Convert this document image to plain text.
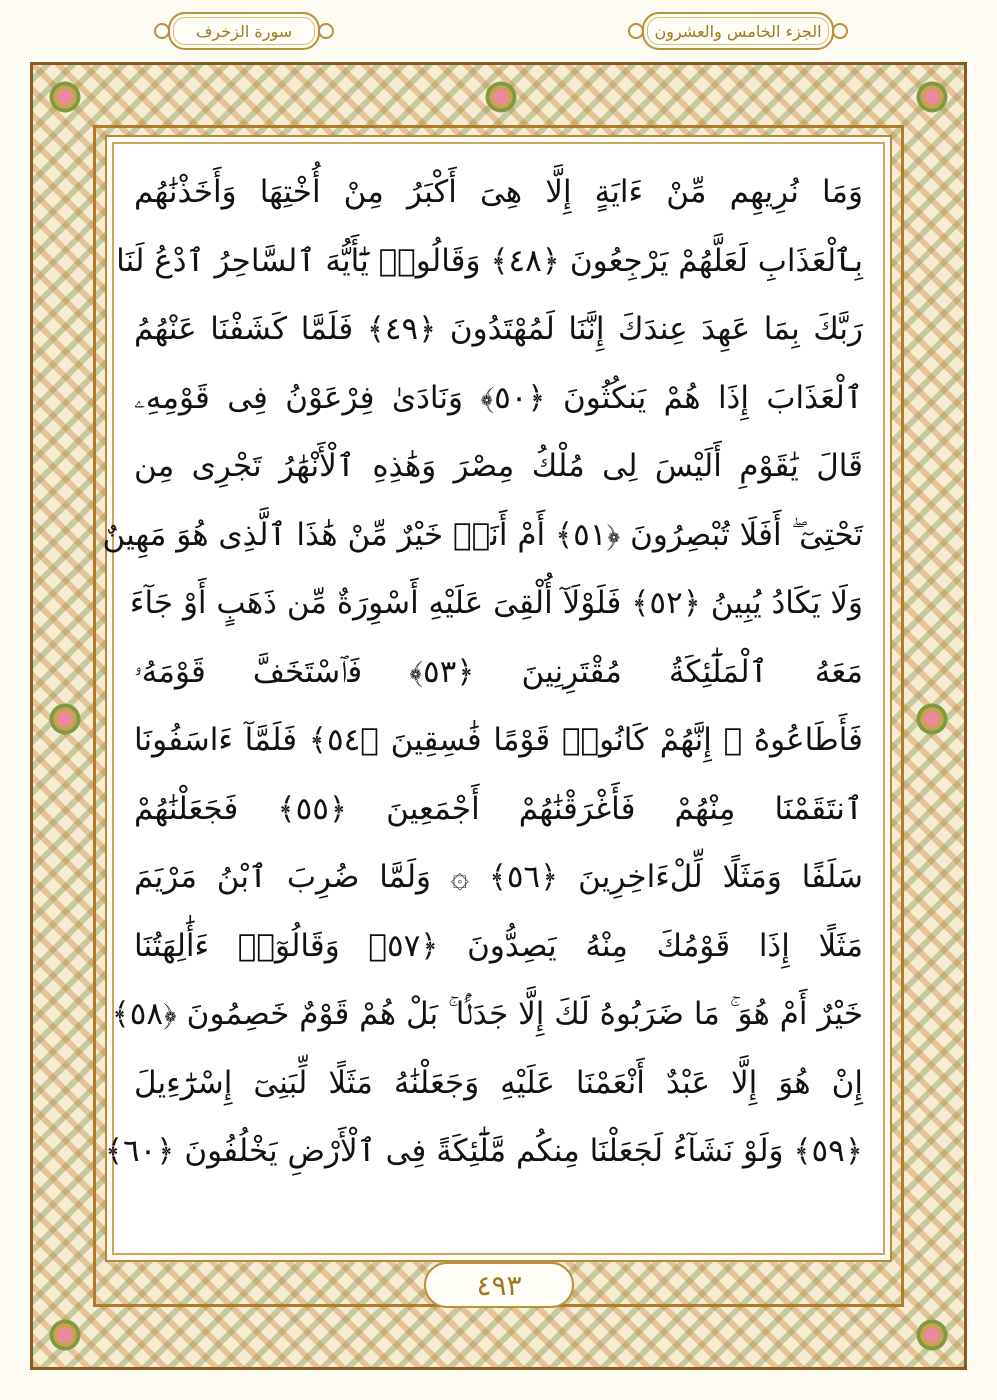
سورة الزخرف	الجزء الخامس والعشرون
وَمَا نُرِيهِم مِّنْ ءَايَةٍ إِلَّا هِىَ أَكْبَرُ مِنْ أُخْتِهَا وَأَخَذْنَٰهُم
بِٱلْعَذَابِ لَعَلَّهُمْ يَرْجِعُونَ ﴿٤٨﴾ وَقَالُوا۟ يَٰٓأَيُّهَ ٱلسَّاحِرُ ٱدْعُ لَنَا
رَبَّكَ بِمَا عَهِدَ عِندَكَ إِنَّنَا لَمُهْتَدُونَ ﴿٤٩﴾ فَلَمَّا كَشَفْنَا عَنْهُمُ
ٱلْعَذَابَ إِذَا هُمْ يَنكُثُونَ ﴿٥٠﴾ وَنَادَىٰ فِرْعَوْنُ فِى قَوْمِهِۦ
قَالَ يَٰقَوْمِ أَلَيْسَ لِى مُلْكُ مِصْرَ وَهَٰذِهِ ٱلْأَنْهَٰرُ تَجْرِى مِن
تَحْتِىٓ ۖ أَفَلَا تُبْصِرُونَ ﴿٥١﴾ أَمْ أَنَا۠ خَيْرٌ مِّنْ هَٰذَا ٱلَّذِى هُوَ مَهِينٌ
وَلَا يَكَادُ يُبِينُ ﴿٥٢﴾ فَلَوْلَآ أُلْقِىَ عَلَيْهِ أَسْوِرَةٌ مِّن ذَهَبٍ أَوْ جَآءَ
مَعَهُ ٱلْمَلَٰٓئِكَةُ مُقْتَرِنِينَ ﴿٥٣﴾ فَٱسْتَخَفَّ قَوْمَهُۥ
فَأَطَاعُوهُ ۚ إِنَّهُمْ كَانُوا۟ قَوْمًا فَٰسِقِينَ ﴿٥٤﴾ فَلَمَّآ ءَاسَفُونَا
ٱنتَقَمْنَا مِنْهُمْ فَأَغْرَقْنَٰهُمْ أَجْمَعِينَ ﴿٥٥﴾ فَجَعَلْنَٰهُمْ
سَلَفًا وَمَثَلًا لِّلْءَاخِرِينَ ﴿٥٦﴾ ۞ وَلَمَّا ضُرِبَ ٱبْنُ مَرْيَمَ
مَثَلًا إِذَا قَوْمُكَ مِنْهُ يَصِدُّونَ ﴿٥٧﴾ وَقَالُوٓا۟ ءَأَٰلِهَتُنَا
خَيْرٌ أَمْ هُوَ ۚ مَا ضَرَبُوهُ لَكَ إِلَّا جَدَلًۢا ۚ بَلْ هُمْ قَوْمٌ خَصِمُونَ ﴿٥٨﴾
إِنْ هُوَ إِلَّا عَبْدٌ أَنْعَمْنَا عَلَيْهِ وَجَعَلْنَٰهُ مَثَلًا لِّبَنِىٓ إِسْرَٰٓءِيلَ
﴿٥٩﴾ وَلَوْ نَشَآءُ لَجَعَلْنَا مِنكُم مَّلَٰٓئِكَةً فِى ٱلْأَرْضِ يَخْلُفُونَ ﴿٦٠﴾
٤٩٣
